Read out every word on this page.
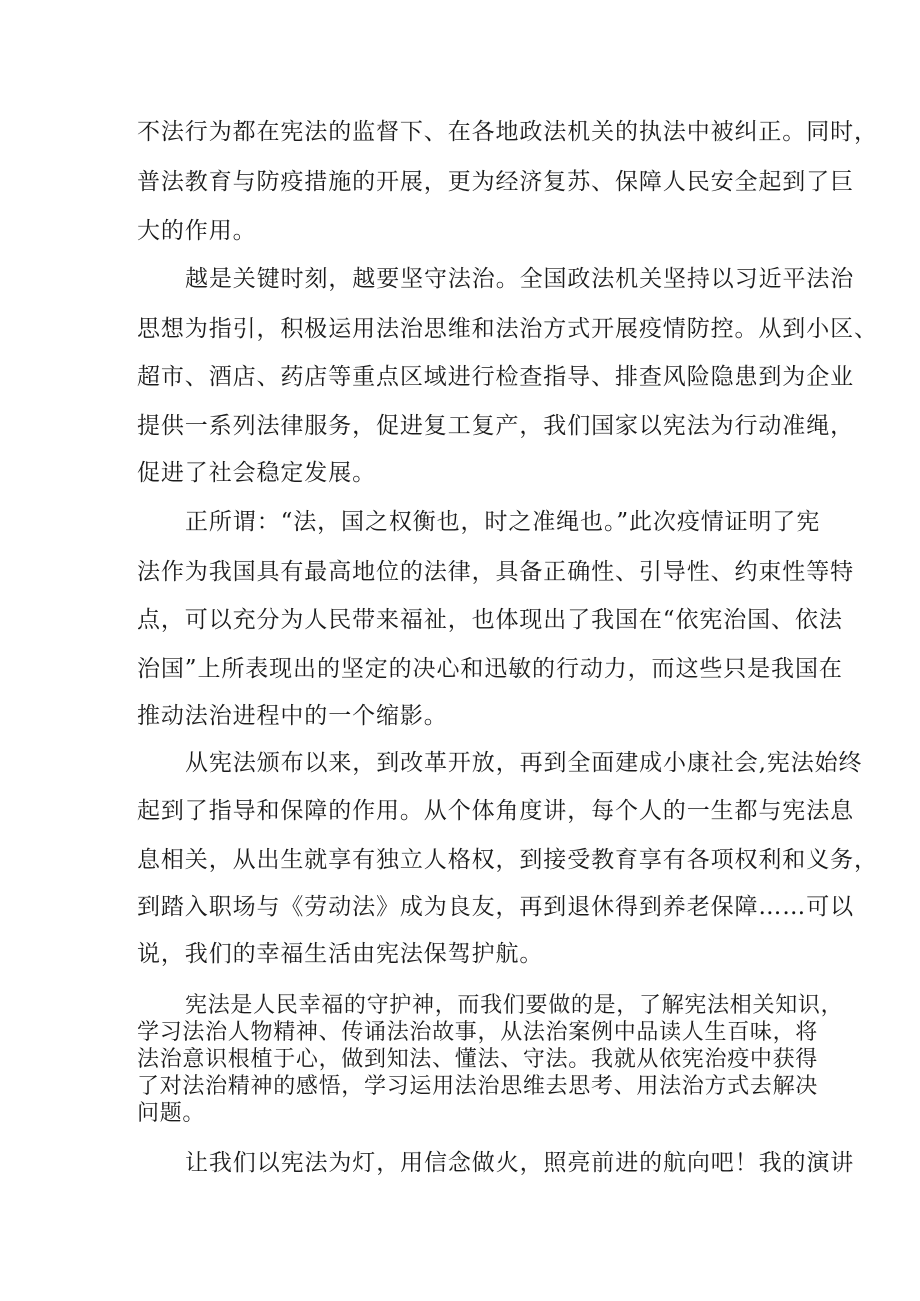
不法行为都在宪法的监督下、在各地政法机关的执法中被纠正。同时，
普法教育与防疫措施的开展，更为经济复苏、保障人民安全起到了巨
大的作用。
越是关键时刻，越要坚守法治。全国政法机关坚持以习近平法治
思想为指引，积极运用法治思维和法治方式开展疫情防控。从到小区、
超市、酒店、药店等重点区域进行检查指导、排查风险隐患到为企业
提供一系列法律服务，促进复工复产，我们国家以宪法为行动准绳，
促进了社会稳定发展。
正所谓：“法，国之权衡也，时之准绳也。”此次疫情证明了宪
法作为我国具有最高地位的法律，具备正确性、引导性、约束性等特
点，可以充分为人民带来福祉，也体现出了我国在“依宪治国、依法
治国”上所表现出的坚定的决心和迅敏的行动力，而这些只是我国在
推动法治进程中的一个缩影。
从宪法颁布以来，到改革开放，再到全面建成小康社会,宪法始终
起到了指导和保障的作用。从个体角度讲，每个人的一生都与宪法息
息相关，从出生就享有独立人格权，到接受教育享有各项权利和义务，
到踏入职场与《劳动法》成为良友，再到退休得到养老保障……可以
说，我们的幸福生活由宪法保驾护航。
宪法是人民幸福的守护神，而我们要做的是，了解宪法相关知识，
学习法治人物精神、传诵法治故事，从法治案例中品读人生百味，将
法治意识根植于心，做到知法、懂法、守法。我就从依宪治疫中获得
了对法治精神的感悟，学习运用法治思维去思考、用法治方式去解决
问题。
让我们以宪法为灯，用信念做火，照亮前进的航向吧！我的演讲
